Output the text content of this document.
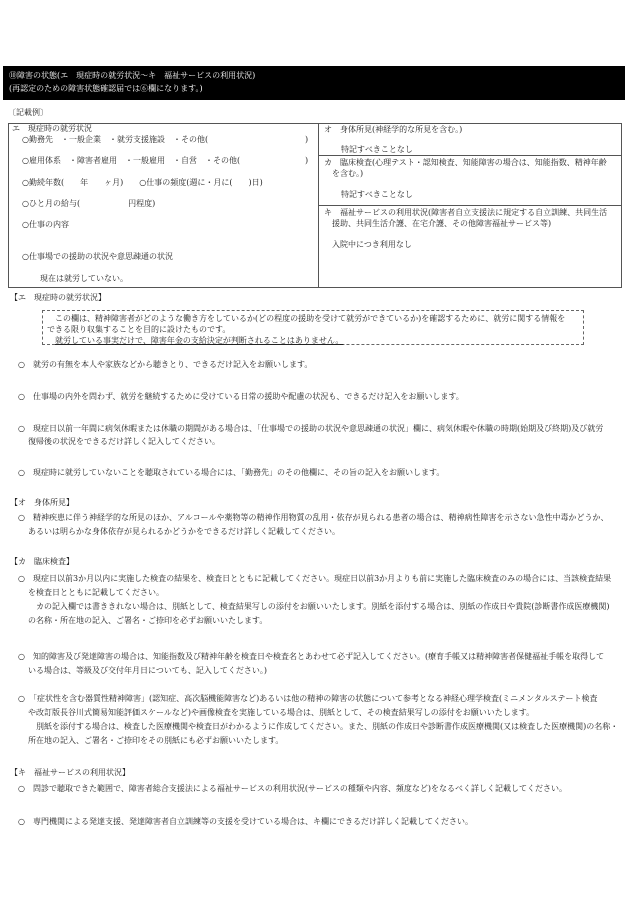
⑩障害の状態(エ　現症時の就労状況～キ　福祉サービスの利用状況)
(再認定のための障害状態確認届では⑥欄になります。)
〔記載例〕
エ　現症時の就労状況
○勤務先　・一般企業　・就労支援施設　・その他(	)
○雇用体系　・障害者雇用　・一般雇用　・自営　・その他(	)
○勤続年数(　　年　　ヶ月)　　○仕事の頻度(週に・月に(　　)日)
○ひと月の給与(　　　　　　円程度)
○仕事の内容
○仕事場での援助の状況や意思疎通の状況
現在は就労していない。
オ　身体所見(神経学的な所見を含む。)
特記すべきことなし
カ　臨床検査(心理テスト・認知検査、知能障害の場合は、知能指数、精神年齢
を含む。)
特記すべきことなし
キ　福祉サービスの利用状況(障害者自立支援法に規定する自立訓練、共同生活
援助、共同生活介護、在宅介護、その他障害福祉サービス等)
入院中につき利用なし
【エ　現症時の就労状況】
この欄は、精神障害者がどのような働き方をしているか(どの程度の援助を受けて就労ができているか)を確認するために、就労に関する情報を
できる限り収集することを目的に設けたものです。
就労している事実だけで、障害年金の支給決定が判断されることはありません。
○　就労の有無を本人や家族などから聴きとり、できるだけ記入をお願いします。
○　仕事場の内外を問わず、就労を継続するために受けている日常の援助や配慮の状況も、できるだけ記入をお願いします。
○　現症日以前一年間に病気休暇または休職の期間がある場合は、「仕事場での援助の状況や意思疎通の状況」欄に、病気休暇や休職の時期(始期及び終期)及び就労
復帰後の状況をできるだけ詳しく記入してください。
○　現症時に就労していないことを聴取されている場合には、「勤務先」のその他欄に、その旨の記入をお願いします。
【オ　身体所見】
○　精神疾患に伴う神経学的な所見のほか、アルコールや薬物等の精神作用物質の乱用・依存が見られる患者の場合は、精神病性障害を示さない急性中毒かどうか、
あるいは明らかな身体依存が見られるかどうかをできるだけ詳しく記載してください。
【カ　臨床検査】
○　現症日以前3か月以内に実施した検査の結果を、検査日とともに記載してください。現症日以前3か月よりも前に実施した臨床検査のみの場合には、当該検査結果
を検査日とともに記載してください。
カの記入欄では書ききれない場合は、別紙として、検査結果写しの添付をお願いいたします。別紙を添付する場合は、別紙の作成日や貴院(診断書作成医療機関)
の名称・所在地の記入、ご署名・ご捺印を必ずお願いいたします。
○　知的障害及び発達障害の場合は、知能指数及び精神年齢を検査日や検査名とあわせて必ず記入してください。(療育手帳又は精神障害者保健福祉手帳を取得して
いる場合は、等級及び交付年月日についても、記入してください。)
○　「症状性を含む器質性精神障害」(認知症、高次脳機能障害など)あるいは他の精神の障害の状態について参考となる神経心理学検査(ミニメンタルステート検査
や改訂版長谷川式簡易知能評価スケールなど)や画像検査を実施している場合は、別紙として、その検査結果写しの添付をお願いいたします。
別紙を添付する場合は、検査した医療機関や検査日がわかるように作成してください。また、別紙の作成日や診断書作成医療機関(又は検査した医療機関)の名称・
所在地の記入、ご署名・ご捺印をその別紙にも必ずお願いいたします。
【キ　福祉サービスの利用状況】
○　問診で聴取できた範囲で、障害者総合支援法による福祉サービスの利用状況(サービスの種類や内容、頻度など)をなるべく詳しく記載してください。
○　専門機関による発達支援、発達障害者自立訓練等の支援を受けている場合は、キ欄にできるだけ詳しく記載してください。
